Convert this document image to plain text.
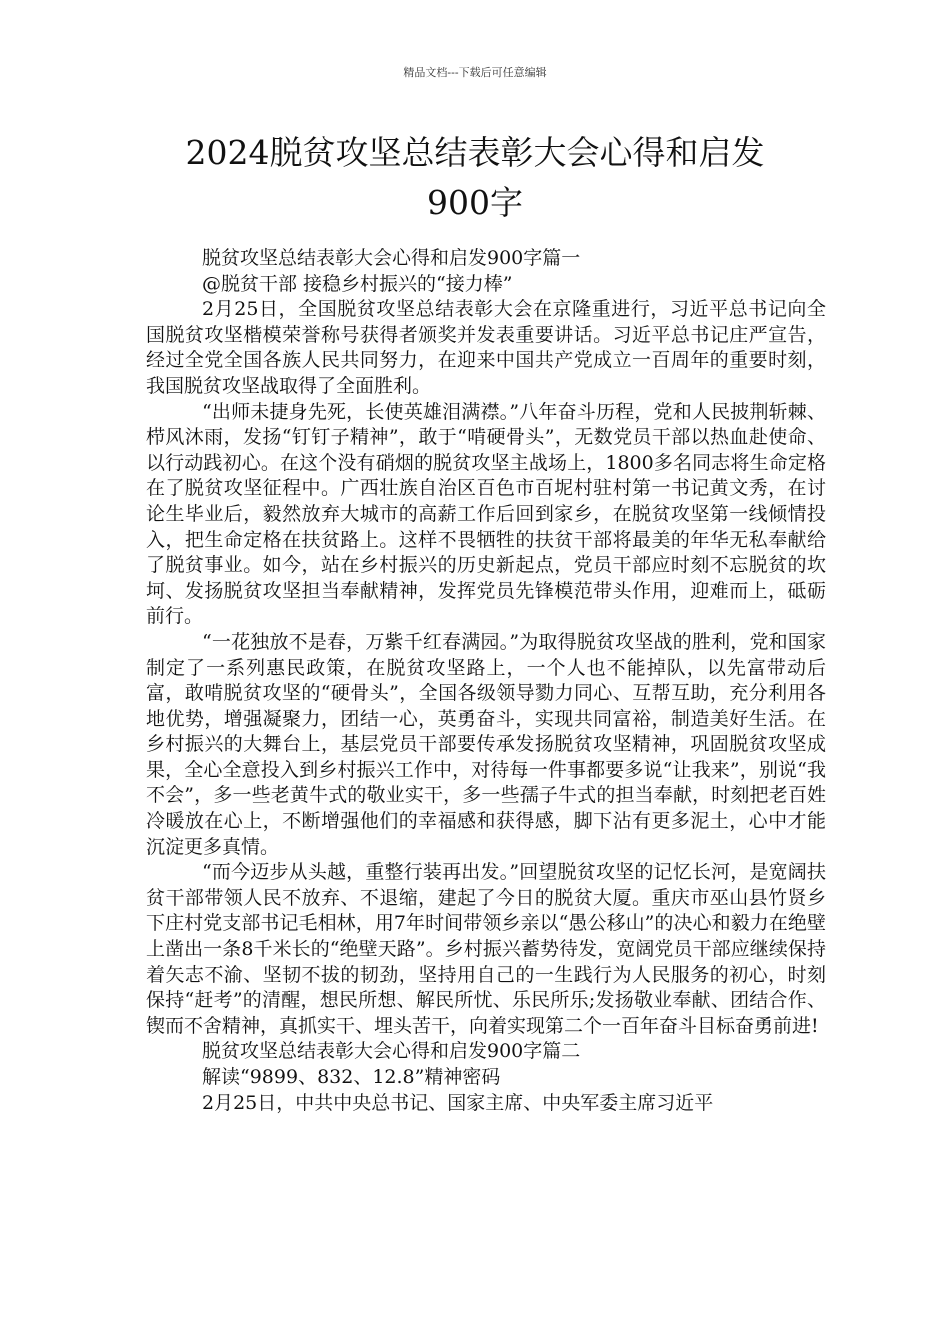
精品文档---下载后可任意编辑
2024脱贫攻坚总结表彰大会心得和启发
900字

脱贫攻坚总结表彰大会心得和启发900字篇一

@脱贫干部 接稳乡村振兴的“接力棒”

2月25日，全国脱贫攻坚总结表彰大会在京隆重进行，习近平总书记向全国脱贫攻坚楷模荣誉称号获得者颁奖并发表重要讲话。习近平总书记庄严宣告，经过全党全国各族人民共同努力，在迎来中国共产党成立一百周年的重要时刻，我国脱贫攻坚战取得了全面胜利。

“出师未捷身先死，长使英雄泪满襟。”八年奋斗历程，党和人民披荆斩棘、栉风沐雨，发扬“钉钉子精神”，敢于“啃硬骨头”，无数党员干部以热血赴使命、以行动践初心。在这个没有硝烟的脱贫攻坚主战场上，1800多名同志将生命定格在了脱贫攻坚征程中。广西壮族自治区百色市百坭村驻村第一书记黄文秀，在讨论生毕业后，毅然放弃大城市的高薪工作后回到家乡，在脱贫攻坚第一线倾情投入，把生命定格在扶贫路上。这样不畏牺牲的扶贫干部将最美的年华无私奉献给了脱贫事业。如今，站在乡村振兴的历史新起点，党员干部应时刻不忘脱贫的坎坷、发扬脱贫攻坚担当奉献精神，发挥党员先锋模范带头作用，迎难而上，砥砺前行。

“一花独放不是春，万紫千红春满园。”为取得脱贫攻坚战的胜利，党和国家制定了一系列惠民政策，在脱贫攻坚路上，一个人也不能掉队，以先富带动后富，敢啃脱贫攻坚的“硬骨头”，全国各级领导勠力同心、互帮互助，充分利用各地优势，增强凝聚力，团结一心，英勇奋斗，实现共同富裕，制造美好生活。在乡村振兴的大舞台上，基层党员干部要传承发扬脱贫攻坚精神，巩固脱贫攻坚成果，全心全意投入到乡村振兴工作中，对待每一件事都要多说“让我来”，别说“我不会”，多一些老黄牛式的敬业实干，多一些孺子牛式的担当奉献，时刻把老百姓冷暖放在心上，不断增强他们的幸福感和获得感，脚下沾有更多泥土，心中才能沉淀更多真情。

“而今迈步从头越，重整行装再出发。”回望脱贫攻坚的记忆长河，是宽阔扶贫干部带领人民不放弃、不退缩，建起了今日的脱贫大厦。重庆市巫山县竹贤乡下庄村党支部书记毛相林，用7年时间带领乡亲以“愚公移山”的决心和毅力在绝壁上凿出一条8千米长的“绝壁天路”。乡村振兴蓄势待发，宽阔党员干部应继续保持着矢志不渝、坚韧不拔的韧劲，坚持用自己的一生践行为人民服务的初心，时刻保持“赶考”的清醒，想民所想、解民所忧、乐民所乐;发扬敬业奉献、团结合作、锲而不舍精神，真抓实干、埋头苦干，向着实现第二个一百年奋斗目标奋勇前进!

脱贫攻坚总结表彰大会心得和启发900字篇二

解读“9899、832、12.8”精神密码

2月25日，中共中央总书记、国家主席、中央军委主席习近平
